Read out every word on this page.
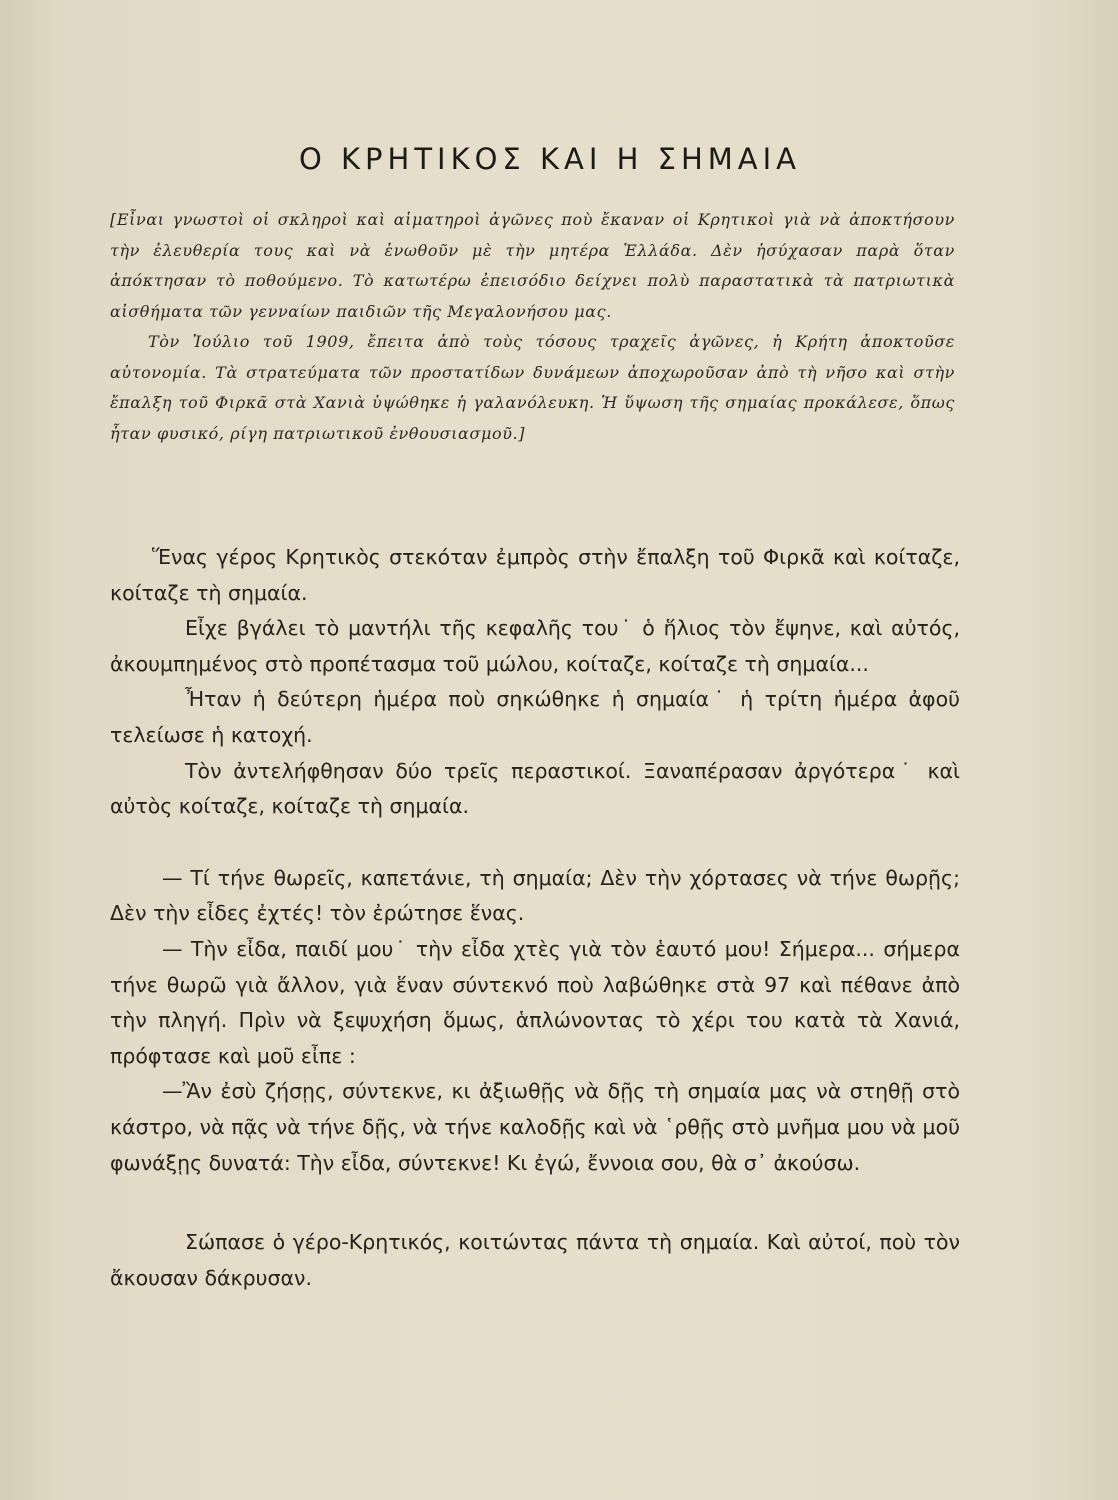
Ο ΚΡΗΤΙΚΟΣ ΚΑΙ Η ΣΗΜΑΙΑ

[Εἶναι γνωστοὶ οἱ σκληροὶ καὶ αἱματηροὶ ἀγῶνες ποὺ ἔκαναν οἱ Κρητικοὶ γιὰ νὰ ἀποκτήσουν τὴν ἐλευθερία τους καὶ νὰ ἑνωθοῦν μὲ τὴν μητέρα Ἑλλάδα. Δὲν ἡσύχασαν παρὰ ὅταν ἀπόκτησαν τὸ ποθούμενο. Τὸ κατωτέρω ἐπεισόδιο δείχνει πολὺ παραστατικὰ τὰ πατριωτικὰ αἰσθήματα τῶν γενναίων παιδιῶν τῆς Μεγαλονήσου μας.

Τὸν Ἰούλιο τοῦ 1909, ἔπειτα ἀπὸ τοὺς τόσους τραχεῖς ἀγῶνες, ἡ Κρήτη ἀποκτοῦσε αὐτονομία. Τὰ στρατεύματα τῶν προστατίδων δυνάμεων ἀποχωροῦσαν ἀπὸ τὴ νῆσο καὶ στὴν ἔπαλξη τοῦ Φιρκᾶ στὰ Χανιὰ ὑψώθηκε ἡ γαλανόλευκη. Ἡ ὕψωση τῆς σημαίας προκάλεσε, ὅπως ἦταν φυσικό, ρίγη πατριωτικοῦ ἐνθουσιασμοῦ.]

Ἕνας γέρος Κρητικὸς στεκόταν ἐμπρὸς στὴν ἔπαλξη τοῦ Φιρκᾶ καὶ κοίταζε, κοίταζε τὴ σημαία.

Εἶχε βγάλει τὸ μαντήλι τῆς κεφαλῆς του˙ ὁ ἥλιος τὸν ἔψηνε, καὶ αὐτός, ἀκουμπημένος στὸ προπέτασμα τοῦ μώλου, κοίταζε, κοίταζε τὴ σημαία...

Ἦταν ἡ δεύτερη ἡμέρα ποὺ σηκώθηκε ἡ σημαία˙ ἡ τρίτη ἡμέρα ἀφοῦ τελείωσε ἡ κατοχή.

Τὸν ἀντελήφθησαν δύο τρεῖς περαστικοί. Ξαναπέρασαν ἀργότερα˙ καὶ αὐτὸς κοίταζε, κοίταζε τὴ σημαία.

— Τί τήνε θωρεῖς, καπετάνιε, τὴ σημαία; Δὲν τὴν χόρτασες νὰ τήνε θωρῇς; Δὲν τὴν εἶδες ἐχτές! τὸν ἐρώτησε ἕνας.

— Τὴν εἶδα, παιδί μου˙ τὴν εἶδα χτὲς γιὰ τὸν ἑαυτό μου! Σήμερα... σήμερα τήνε θωρῶ γιὰ ἄλλον, γιὰ ἕναν σύντεκνό ποὺ λαβώθηκε στὰ 97 καὶ πέθανε ἀπὸ τὴν πληγή. Πρὶν νὰ ξεψυχήση ὅμως, ἁπλώνοντας τὸ χέρι του κατὰ τὰ Χανιά, πρόφτασε καὶ μοῦ εἶπε :

—Ἂν ἐσὺ ζήσῃς, σύντεκνε, κι ἀξιωθῇς νὰ δῇς τὴ σημαία μας νὰ στηθῇ στὸ κάστρο, νὰ πᾷς νὰ τήνε δῇς, νὰ τήνε καλοδῇς καὶ νὰ ῾ρθῇς στὸ μνῆμα μου νὰ μοῦ φωνάξῃς δυνατά: Τὴν εἶδα, σύντεκνε! Κι ἐγώ, ἔννοια σου, θὰ σ᾿ ἀκούσω.

Σώπασε ὁ γέρο-Κρητικός, κοιτώντας πάντα τὴ σημαία. Καὶ αὐτοί, ποὺ τὸν ἄκουσαν δάκρυσαν.
